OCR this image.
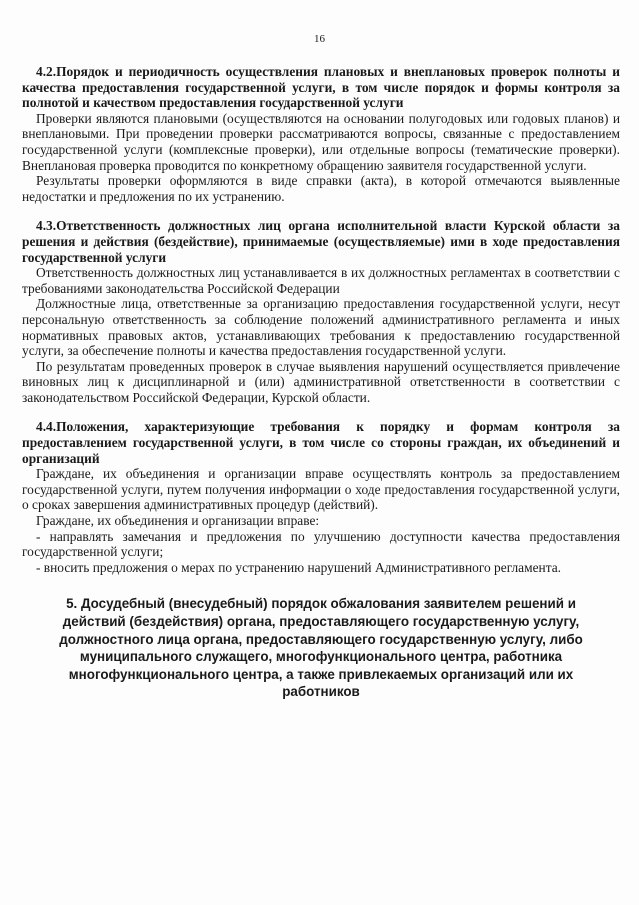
16

4.2.Порядок и периодичность осуществления плановых и внеплановых проверок полноты и качества предоставления государственной услуги, в том числе порядок и формы контроля за полнотой и качеством предоставления государственной услуги

Проверки являются плановыми (осуществляются на основании полугодовых или годовых планов) и внеплановыми. При проведении проверки рассматриваются вопросы, связанные с предоставлением государственной услуги (комплексные проверки), или отдельные вопросы (тематические проверки). Внеплановая проверка проводится по конкретному обращению заявителя государственной услуги.

Результаты проверки оформляются в виде справки (акта), в которой отмечаются выявленные недостатки и предложения по их устранению.

4.3.Ответственность должностных лиц органа исполнительной власти Курской области за решения и действия (бездействие), принимаемые (осуществляемые) ими в ходе предоставления государственной услуги

Ответственность должностных лиц устанавливается в их должностных регламентах в соответствии с требованиями законодательства Российской Федерации

Должностные лица, ответственные за организацию предоставления государственной услуги, несут персональную ответственность за соблюдение положений административного регламента и иных нормативных правовых актов, устанавливающих требования к предоставлению государственной услуги, за обеспечение полноты и качества предоставления государственной услуги.

По результатам проведенных проверок в случае выявления нарушений осуществляется привлечение виновных лиц к дисциплинарной и (или) административной ответственности в соответствии с законодательством Российской Федерации, Курской области.

4.4.Положения, характеризующие требования к порядку и формам контроля за предоставлением государственной услуги, в том числе со стороны граждан, их объединений и организаций

Граждане, их объединения и организации вправе осуществлять контроль за предоставлением государственной услуги, путем получения информации о ходе предоставления государственной услуги, о сроках завершения административных процедур (действий).

Граждане, их объединения и организации вправе:

- направлять замечания и предложения по улучшению доступности качества предоставления государственной услуги;

- вносить предложения о мерах по устранению нарушений Административного регламента.

5. Досудебный (внесудебный) порядок обжалования заявителем решений и действий (бездействия) органа, предоставляющего государственную услугу, должностного лица органа, предоставляющего государственную услугу, либо муниципального служащего, многофункционального центра, работника многофункционального центра, а также привлекаемых организаций или их работников
